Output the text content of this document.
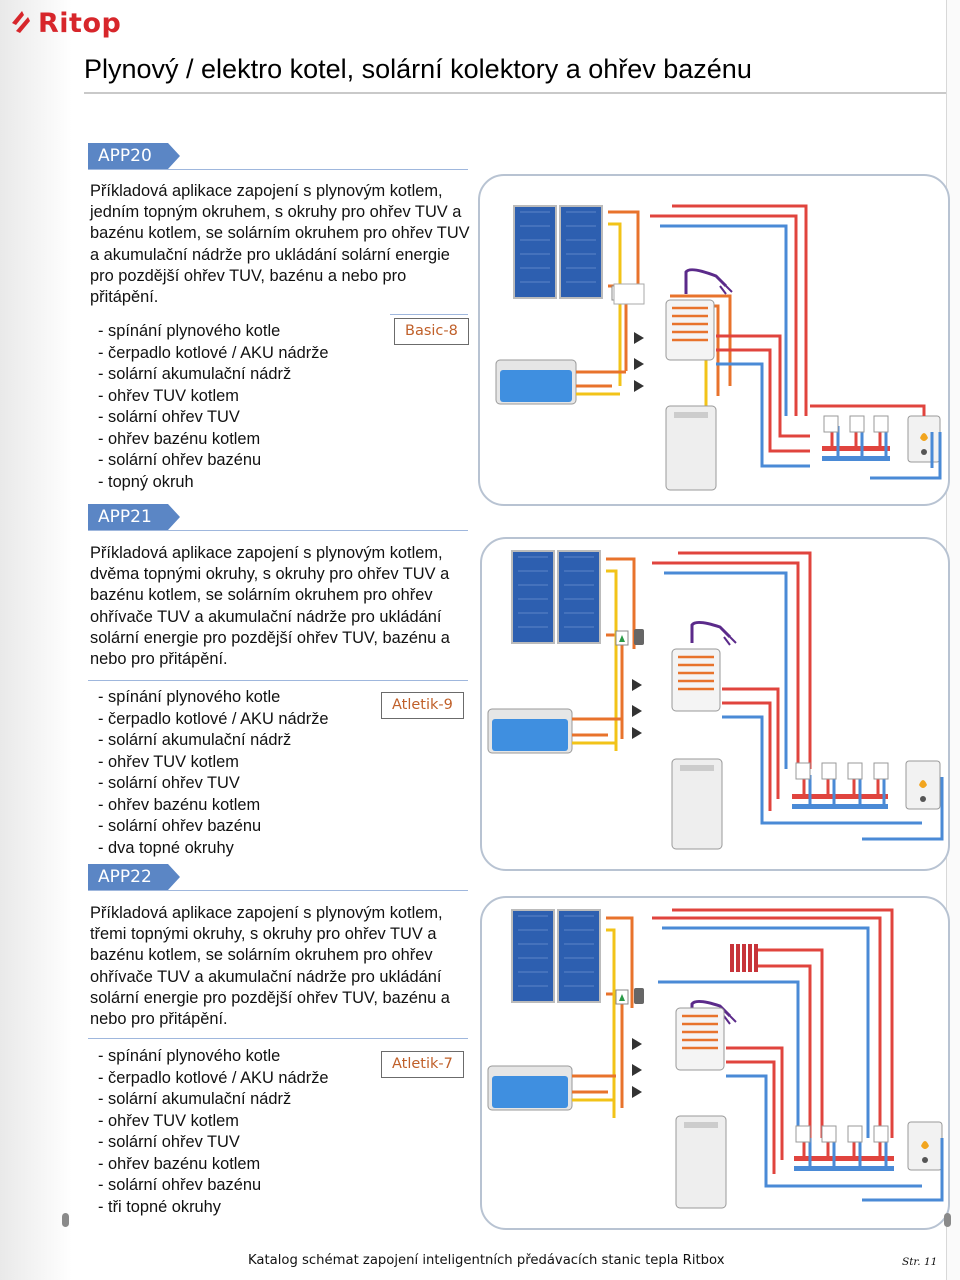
Ritop
Plynový / elektro kotel, solární kolektory a ohřev bazénu
APP20
Příkladová aplikace zapojení s plynovým kotlem, jedním topným okruhem, s okruhy pro ohřev TUV a bazénu kotlem, se solárním okruhem pro ohřev TUV a akumulační nádrže pro ukládání solární energie pro pozdější ohřev TUV, bazénu a nebo pro přitápění.
- spínání plynového kotle
- čerpadlo kotlové / AKU nádrže
- solární akumulační nádrž
- ohřev TUV kotlem
- solární ohřev TUV
- ohřev bazénu kotlem
- solární ohřev bazénu
- topný okruh
Basic-8
APP21
Příkladová aplikace zapojení s plynovým kotlem, dvěma topnými okruhy, s okruhy pro ohřev TUV a bazénu kotlem, se solárním okruhem pro ohřev ohřívače TUV a akumulační nádrže pro ukládání solární energie pro pozdější ohřev TUV, bazénu a nebo pro přitápění.
- spínání plynového kotle
- čerpadlo kotlové / AKU nádrže
- solární akumulační nádrž
- ohřev TUV kotlem
- solární ohřev TUV
- ohřev bazénu kotlem
- solární ohřev bazénu
- dva topné okruhy
Atletik-9
APP22
Příkladová aplikace zapojení s plynovým kotlem, třemi topnými okruhy, s okruhy pro ohřev TUV a bazénu kotlem, se solárním okruhem pro ohřev ohřívače TUV a akumulační nádrže pro ukládání solární energie pro pozdější ohřev TUV, bazénu a nebo pro přitápění.
- spínání plynového kotle
- čerpadlo kotlové / AKU nádrže
- solární akumulační nádrž
- ohřev TUV kotlem
- solární ohřev TUV
- ohřev bazénu kotlem
- solární ohřev bazénu
- tři topné okruhy
Atletik-7
Katalog schémat zapojení inteligentních předávacích stanic tepla Ritbox	Str. 11
